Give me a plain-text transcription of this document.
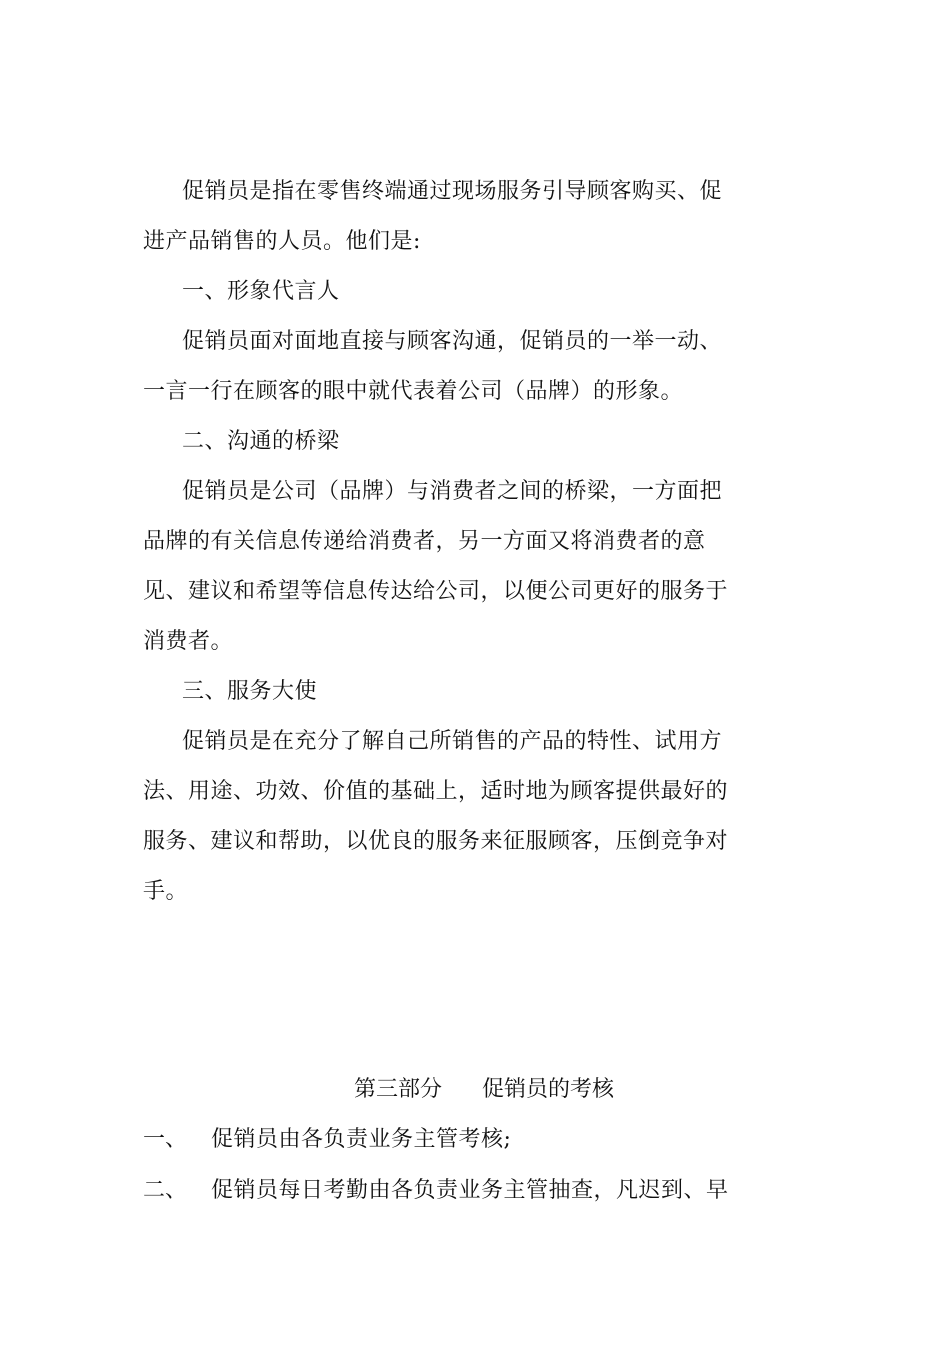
促销员是指在零售终端通过现场服务引导顾客购买、促
进产品销售的人员。他们是:
一、形象代言人
促销员面对面地直接与顾客沟通，促销员的一举一动、
一言一行在顾客的眼中就代表着公司（品牌）的形象。
二、沟通的桥梁
促销员是公司（品牌）与消费者之间的桥梁，一方面把
品牌的有关信息传递给消费者，另一方面又将消费者的意
见、建议和希望等信息传达给公司，以便公司更好的服务于
消费者。
三、服务大使
促销员是在充分了解自己所销售的产品的特性、试用方
法、用途、功效、价值的基础上，适时地为顾客提供最好的
服务、建议和帮助，以优良的服务来征服顾客，压倒竞争对
手。
第三部分 促销员的考核
一、 促销员由各负责业务主管考核;
二、 促销员每日考勤由各负责业务主管抽查，凡迟到、早
